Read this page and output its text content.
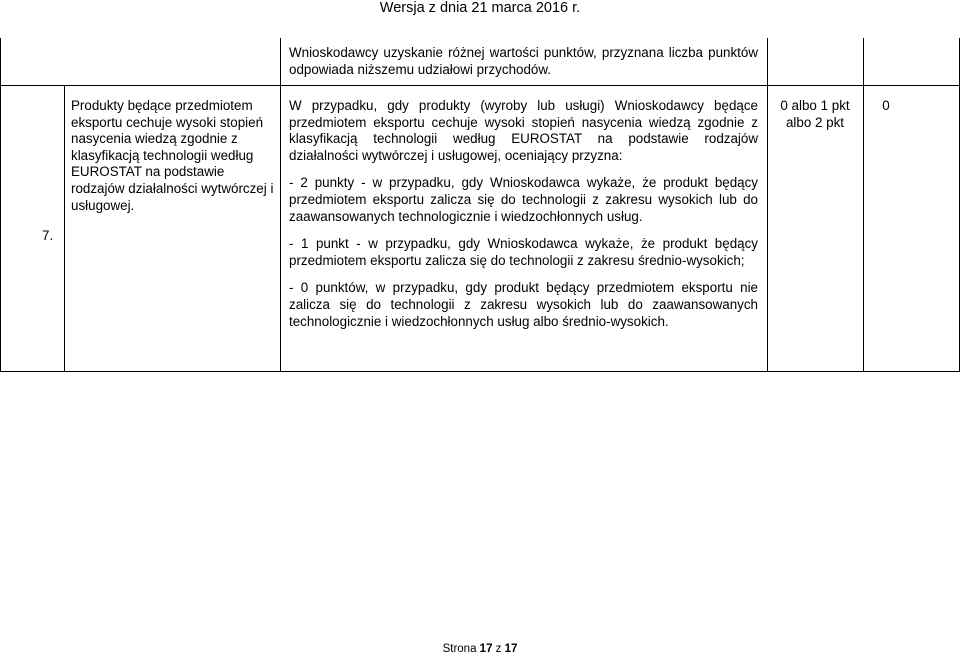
Wersja z dnia 21 marca 2016 r.
Wnioskodawcy uzyskanie różnej wartości punktów, przyznana liczba punktów odpowiada niższemu udziałowi przychodów.
7.
Produkty będące przedmiotem eksportu cechuje wysoki stopień nasycenia wiedzą zgodnie z klasyfikacją technologii według EUROSTAT na podstawie rodzajów działalności wytwórczej i usługowej.

W przypadku, gdy produkty (wyroby lub usługi) Wnioskodawcy będące przedmiotem eksportu cechuje wysoki stopień nasycenia wiedzą zgodnie z klasyfikacją technologii według EUROSTAT na podstawie rodzajów działalności wytwórczej i usługowej, oceniający przyzna:

- 2 punkty - w przypadku, gdy Wnioskodawca wykaże, że produkt będący przedmiotem eksportu zalicza się do technologii z zakresu wysokich lub do zaawansowanych technologicznie i wiedzochłonnych usług.

- 1 punkt - w przypadku, gdy Wnioskodawca wykaże, że produkt będący przedmiotem eksportu zalicza się do technologii z zakresu średnio-wysokich;

- 0 punktów, w przypadku, gdy produkt będący przedmiotem eksportu nie zalicza się do technologii z zakresu wysokich lub do zaawansowanych technologicznie i wiedzochłonnych usług albo średnio-wysokich.

0 albo 1 pkt albo 2 pkt
0
Strona 17 z 17
